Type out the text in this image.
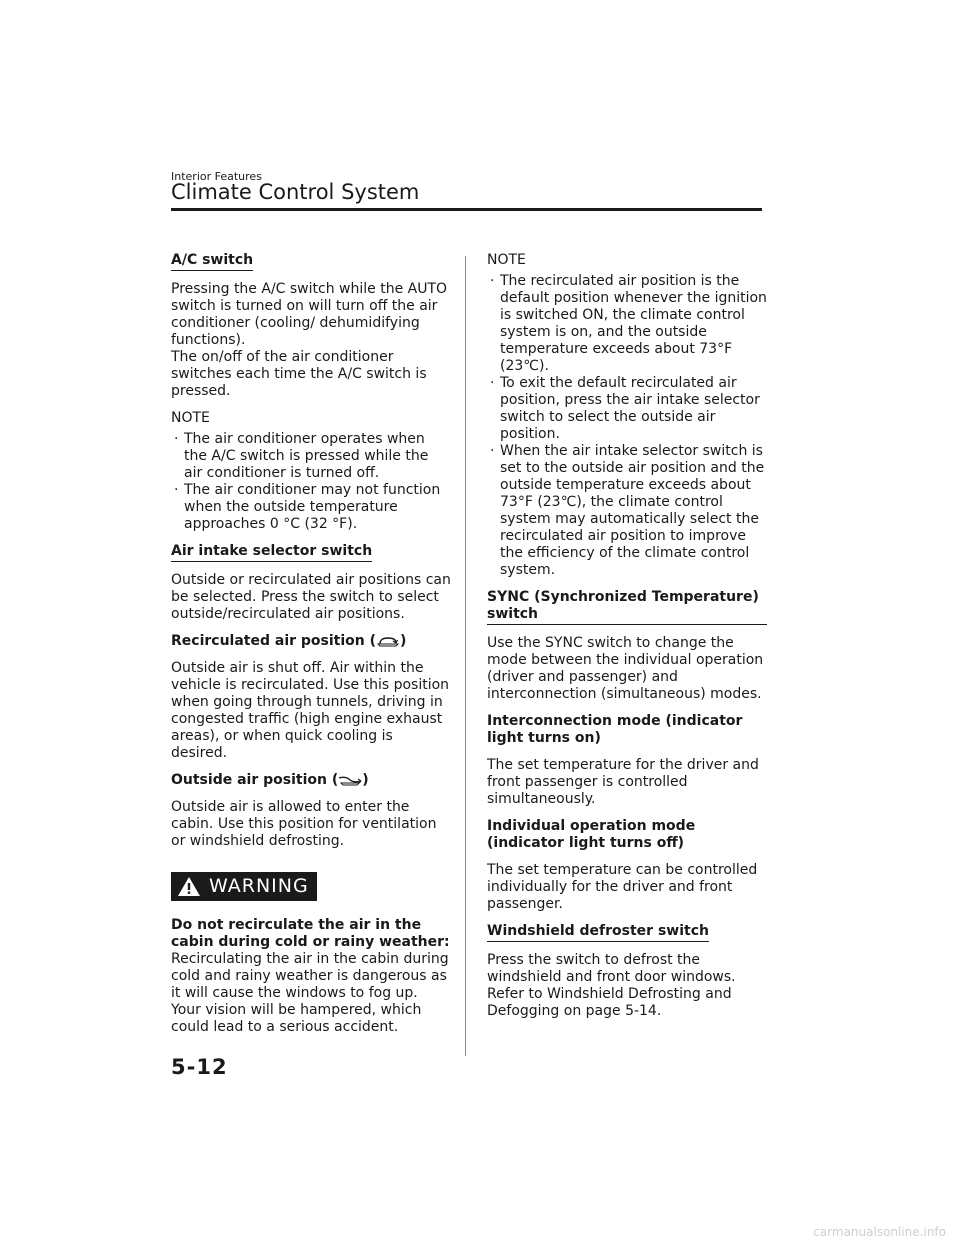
Interior Features
Climate Control System
A/C switch

Pressing the A/C switch while the AUTO switch is turned on will turn off the air conditioner (cooling/ dehumidifying functions).

The on/off of the air conditioner switches each time the A/C switch is pressed.

NOTE
· The air conditioner operates when the A/C switch is pressed while the air conditioner is turned off.
· The air conditioner may not function when the outside temperature approaches 0 °C (32 °F).
Air intake selector switch

Outside or recirculated air positions can be selected. Press the switch to select outside/recirculated air positions.

Recirculated air position ( )

Outside air is shut off. Air within the vehicle is recirculated. Use this position when going through tunnels, driving in congested traffic (high engine exhaust areas), or when quick cooling is desired.

Outside air position ( )

Outside air is allowed to enter the cabin. Use this position for ventilation or windshield defrosting.

WARNING
Do not recirculate the air in the cabin during cold or rainy weather:
Recirculating the air in the cabin during cold and rainy weather is dangerous as it will cause the windows to fog up. Your vision will be hampered, which could lead to a serious accident.
NOTE
· The recirculated air position is the default position whenever the ignition is switched ON, the climate control system is on, and the outside temperature exceeds about 73°F (23℃).
· To exit the default recirculated air position, press the air intake selector switch to select the outside air position.
· When the air intake selector switch is set to the outside air position and the outside temperature exceeds about 73°F (23℃), the climate control system may automatically select the recirculated air position to improve the efficiency of the climate control system.
SYNC (Synchronized Temperature) switch

Use the SYNC switch to change the mode between the individual operation (driver and passenger) and interconnection (simultaneous) modes.

Interconnection mode (indicator light turns on)

The set temperature for the driver and front passenger is controlled simultaneously.

Individual operation mode (indicator light turns off)

The set temperature can be controlled individually for the driver and front passenger.

Windshield defroster switch

Press the switch to defrost the windshield and front door windows. Refer to Windshield Defrosting and Defogging on page 5-14.

5-12
carmanualsonline.info
